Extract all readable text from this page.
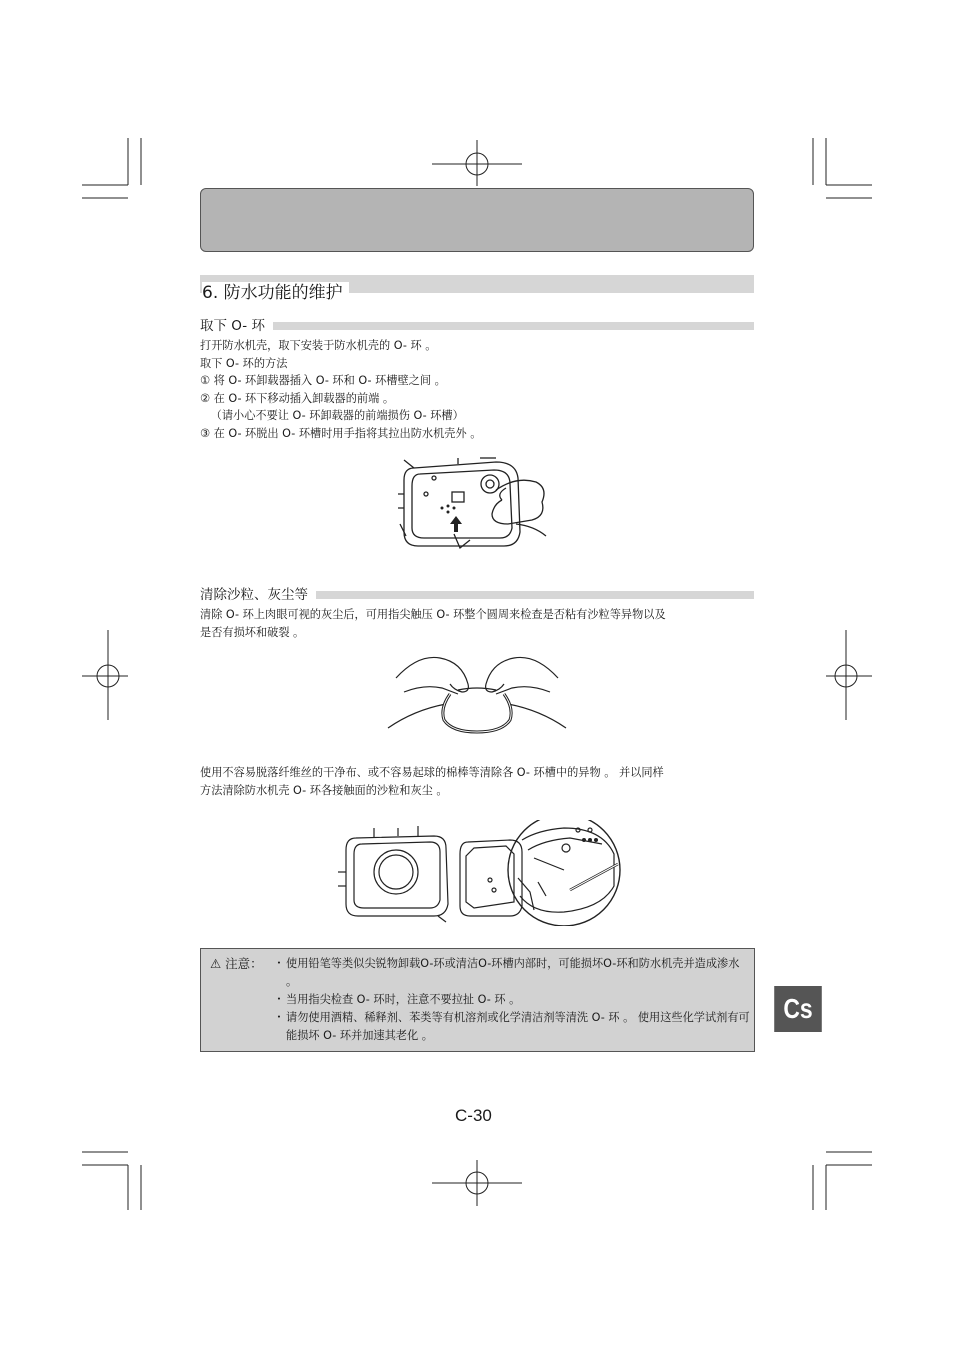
6. 防水功能的维护
取下 O- 环

打开防水机壳，取下安装于防水机壳的 O- 环 。

取下 O- 环的方法

① 将 O- 环卸载器插入 O- 环和 O- 环槽壁之间 。

② 在 O- 环下移动插入卸载器的前端 。

（请小心不要让 O- 环卸载器的前端损伤 O- 环槽）

③ 在 O- 环脱出 O- 环槽时用手指将其拉出防水机壳外 。

清除沙粒、灰尘等

清除 O- 环上肉眼可视的灰尘后，可用指尖触压 O- 环整个圆周来检查是否粘有沙粒等异物以及

是否有损坏和破裂 。

使用不容易脱落纤维丝的干净布、或不容易起球的棉棒等清除各 O- 环槽中的异物 。 并以同样

方法清除防水机壳 O- 环各接触面的沙粒和灰尘 。

⚠ 注意： ・ 使用铅笔等类似尖锐物卸载O-环或清洁O-环槽内部时，可能损坏O-环和防水机壳并造成渗水 。
・ 当用指尖检查 O- 环时，注意不要拉扯 O- 环 。
・ 请勿使用酒精、稀释剂、苯类等有机溶剂或化学清洁剂等清洗 O- 环 。 使用这些化学试剂有可能损坏 O- 环并加速其老化 。
Cs
C-30
